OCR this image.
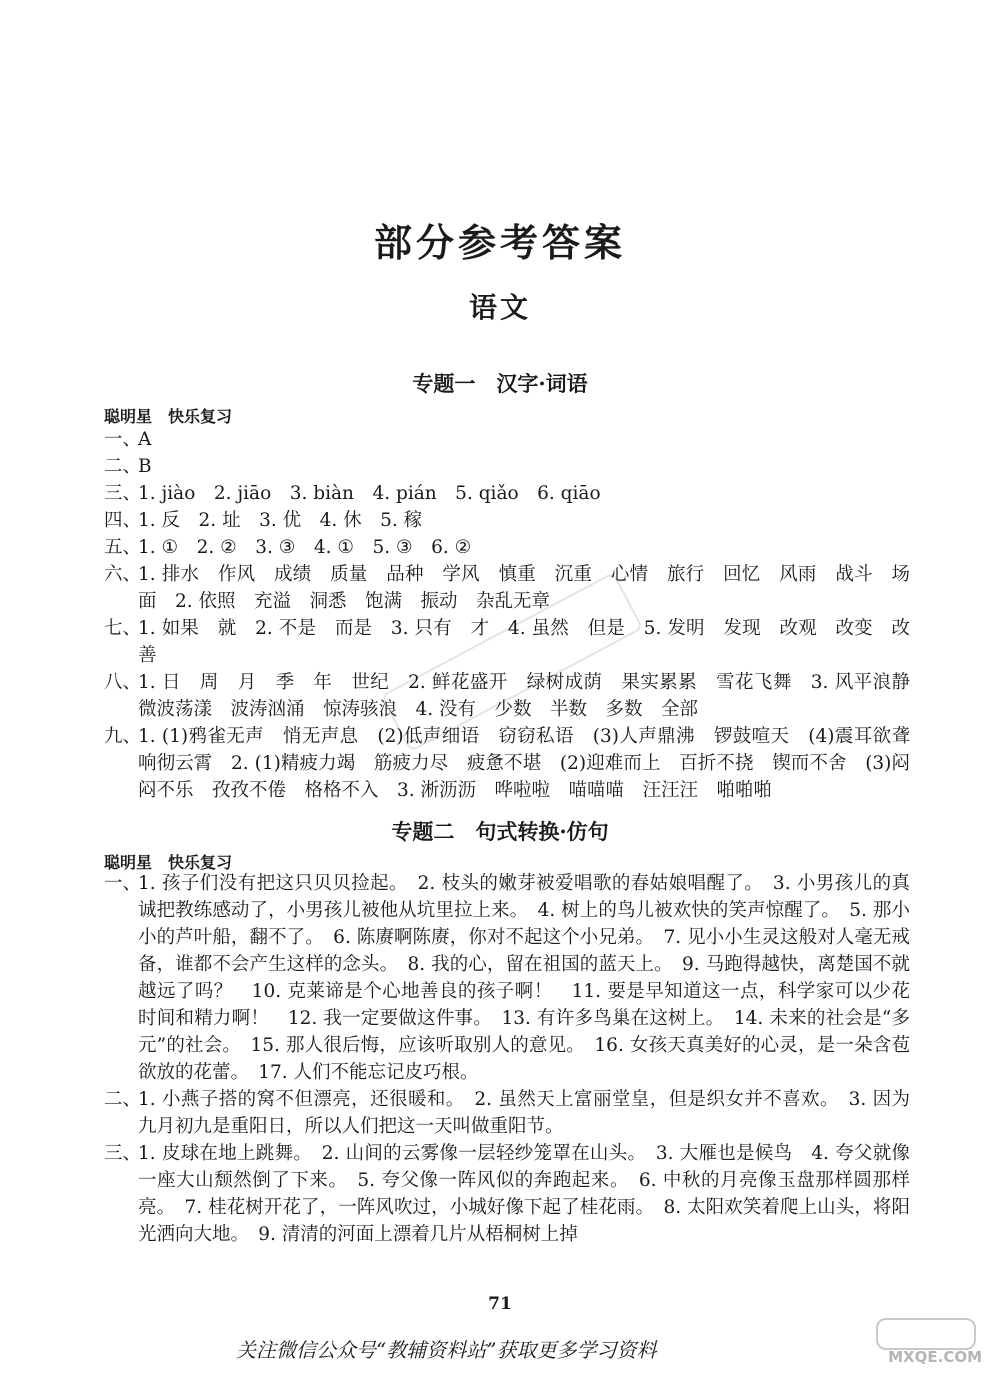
部分参考答案
语文
专题一　汉字·词语
聪明星　快乐复习
一、
A
二、
B
三、
1. jiào　2. jiāo　3. biàn　4. pián　5. qiǎo　6. qiāo
四、
1. 反　2. 址　3. 优　4. 休　5. 稼
五、
1. ①　2. ②　3. ③　4. ①　5. ③　6. ②
六、
1. 排水　作风　成绩　质量　品种　学风　慎重　沉重　心情　旅行　回忆　风雨　战斗　场面　2. 依照　充溢　洞悉　饱满　振动　杂乱无章
七、
1. 如果　就　2. 不是　而是　3. 只有　才　4. 虽然　但是　5. 发明　发现　改观　改变　改善
八、
1. 日　周　月　季　年　世纪　2. 鲜花盛开　绿树成荫　果实累累　雪花飞舞　3. 风平浪静　微波荡漾　波涛汹涌　惊涛骇浪　4. 没有　少数　半数　多数　全部
九、
1. (1)鸦雀无声　悄无声息　(2)低声细语　窃窃私语　(3)人声鼎沸　锣鼓喧天　(4)震耳欲聋　响彻云霄　2. (1)精疲力竭　筋疲力尽　疲惫不堪　(2)迎难而上　百折不挠　锲而不舍　(3)闷闷不乐　孜孜不倦　格格不入　3. 淅沥沥　哗啦啦　喵喵喵　汪汪汪　啪啪啪
专题二　句式转换·仿句
聪明星　快乐复习
一、
1. 孩子们没有把这只贝贝捡起。　2. 枝头的嫩芽被爱唱歌的春姑娘唱醒了。　3. 小男孩儿的真诚把教练感动了，小男孩儿被他从坑里拉上来。　4. 树上的鸟儿被欢快的笑声惊醒了。　5. 那小小的芦叶船，翻不了。　6. 陈赓啊陈赓，你对不起这个小兄弟。　7. 见小小生灵这般对人毫无戒备，谁都不会产生这样的念头。　8. 我的心，留在祖国的蓝天上。　9. 马跑得越快，离楚国不就越远了吗？　10. 克莱谛是个心地善良的孩子啊！　11. 要是早知道这一点，科学家可以少花时间和精力啊！　12. 我一定要做这件事。　13. 有许多鸟巢在这树上。　14. 未来的社会是“多元”的社会。　15. 那人很后悔，应该听取别人的意见。　16. 女孩天真美好的心灵，是一朵含苞欲放的花蕾。　17. 人们不能忘记皮巧根。
二、
1. 小燕子搭的窝不但漂亮，还很暖和。　2. 虽然天上富丽堂皇，但是织女并不喜欢。　3. 因为九月初九是重阳日，所以人们把这一天叫做重阳节。
三、
1. 皮球在地上跳舞。　2. 山间的云雾像一层轻纱笼罩在山头。　3. 大雁也是候鸟　4. 夸父就像一座大山颓然倒了下来。　5. 夸父像一阵风似的奔跑起来。　6. 中秋的月亮像玉盘那样圆那样亮。　7. 桂花树开花了，一阵风吹过，小城好像下起了桂花雨。　8. 太阳欢笑着爬上山头，将阳光洒向大地。　9. 清清的河面上漂着几片从梧桐树上掉
71
关注微信公众号“教辅资料站”获取更多学习资料	MXQE.COM
